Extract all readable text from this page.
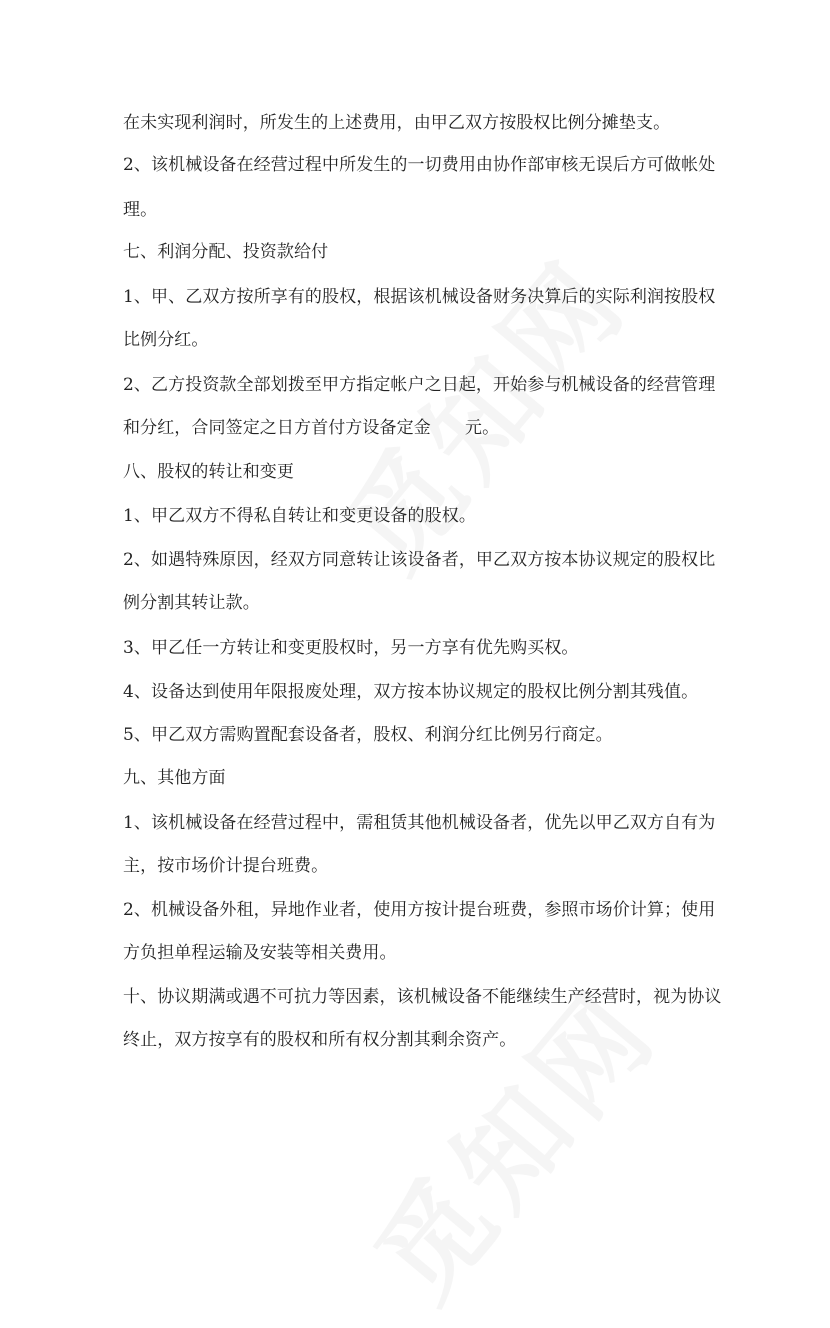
在未实现利润时，所发生的上述费用，由甲乙双方按股权比例分摊垫支。
2、该机械设备在经营过程中所发生的一切费用由协作部审核无误后方可做帐处
理。
七、利润分配、投资款给付
1、甲、乙双方按所享有的股权，根据该机械设备财务决算后的实际利润按股权
比例分红。
2、乙方投资款全部划拨至甲方指定帐户之日起，开始参与机械设备的经营管理
和分红，合同签定之日方首付方设备定金　　元。
八、股权的转让和变更
1、甲乙双方不得私自转让和变更设备的股权。
2、如遇特殊原因，经双方同意转让该设备者，甲乙双方按本协议规定的股权比
例分割其转让款。
3、甲乙任一方转让和变更股权时，另一方享有优先购买权。
4、设备达到使用年限报废处理，双方按本协议规定的股权比例分割其残值。
5、甲乙双方需购置配套设备者，股权、利润分红比例另行商定。
九、其他方面
1、该机械设备在经营过程中，需租赁其他机械设备者，优先以甲乙双方自有为
主，按市场价计提台班费。
2、机械设备外租，异地作业者，使用方按计提台班费，参照市场价计算；使用
方负担单程运输及安装等相关费用。
十、协议期满或遇不可抗力等因素，该机械设备不能继续生产经营时，视为协议
终止，双方按享有的股权和所有权分割其剩余资产。
